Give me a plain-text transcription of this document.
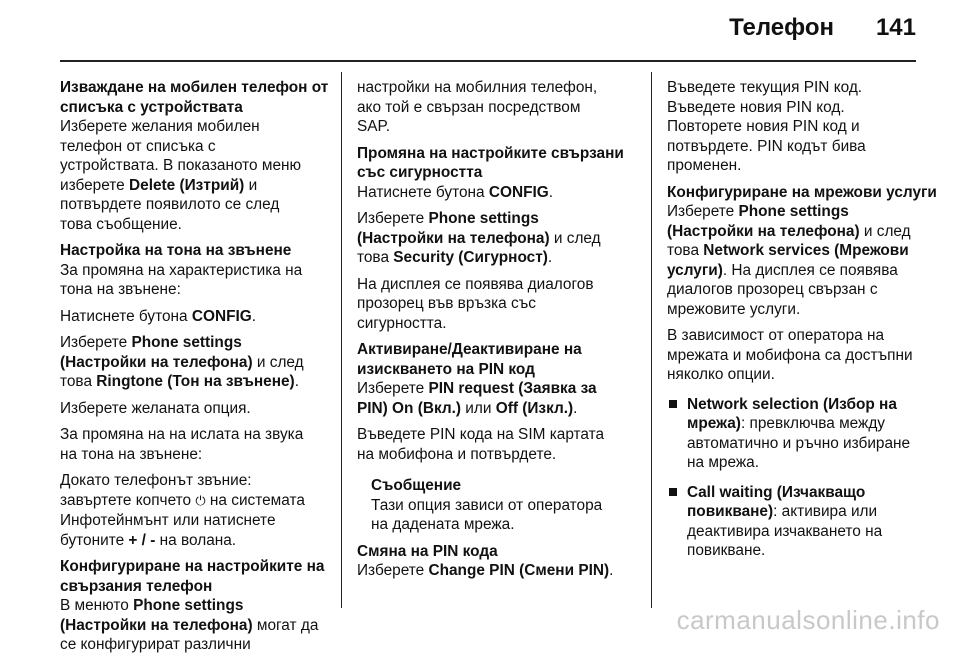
Телефон 141
Изваждане на мобилен телефон от
списъка с устройствата
Изберете желания мобилен
телефон от списъка с
устройствата. В показаното меню
изберете Delete (Изтрий) и
потвърдете появилото се след
това съобщение.
Настройка на тона на звънене
За промяна на характеристика на
тона на звънене:
Натиснете бутона CONFIG.
Изберете Phone settings
(Настройки на телефона) и след
това Ringtone (Тон на звънене).
Изберете желаната опция.
За промяна на на ислата на звука
на тона на звънене:
Докато телефонът звъние:
завъртете копчето ⏻ на системата
Инфотейнмънт или натиснете
бутоните + / - на волана.
Конфигуриране на настройките на
свързания телефон
В менюто Phone settings
(Настройки на телефона) могат да
се конфигурират различни
настройки на мобилния телефон,
ако той е свързан посредством
SAP.
Промяна на настройките свързани
със сигурността
Натиснете бутона CONFIG.
Изберете Phone settings
(Настройки на телефона) и след
това Security (Сигурност).
На дисплея се появява диалогов
прозорец във връзка със
сигурността.
Активиране/Деактивиране на
изискването на PIN код
Изберете PIN request (Заявка за
PIN) On (Вкл.) или Off (Изкл.).
Въведете PIN кода на SIM картата
на мобифона и потвърдете.
Съобщение
Тази опция зависи от оператора
на дадената мрежа.
Смяна на PIN кода
Изберете Change PIN (Смени PIN).
Въведете текущия PIN код.
Въведете новия PIN код.
Повторете новия PIN код и
потвърдете. PIN кодът бива
променен.
Конфигуриране на мрежови услуги
Изберете Phone settings
(Настройки на телефона) и след
това Network services (Мрежови
услуги). На дисплея се появява
диалогов прозорец свързан с
мрежовите услуги.
В зависимост от оператора на
мрежата и мобифона са достъпни
няколко опции.
Network selection (Избор на
мрежа): превключва между
автоматично и ръчно избиране
на мрежа.
Call waiting (Изчакващо
повикване): активира или
деактивира изчакването на
повикване.
carmanualsonline.info
